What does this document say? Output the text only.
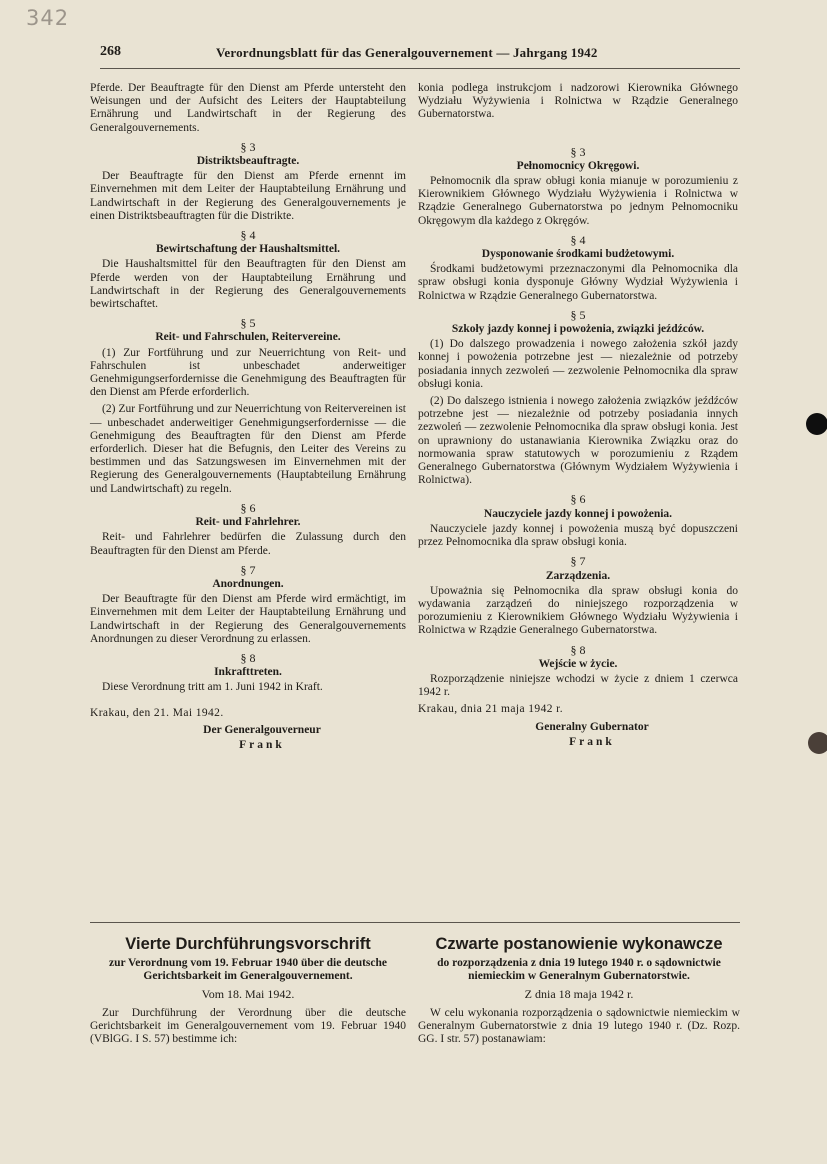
342
268	Verordnungsblatt für das Generalgouvernement — Jahrgang 1942

Pferde. Der Beauftragte für den Dienst am Pferde untersteht den Weisungen und der Aufsicht des Leiters der Hauptabteilung Ernährung und Landwirtschaft in der Regierung des Generalgouvernements.

§ 3
Distriktsbeauftragte.

Der Beauftragte für den Dienst am Pferde ernennt im Einvernehmen mit dem Leiter der Hauptabteilung Ernährung und Landwirtschaft in der Regierung des Generalgouvernements je einen Distriktsbeauftragten für die Distrikte.

§ 4
Bewirtschaftung der Haushaltsmittel.

Die Haushaltsmittel für den Beauftragten für den Dienst am Pferde werden von der Hauptabteilung Ernährung und Landwirtschaft in der Regierung des Generalgouvernements bewirtschaftet.

§ 5
Reit- und Fahrschulen, Reitervereine.

(1) Zur Fortführung und zur Neuerrichtung von Reit- und Fahrschulen ist unbeschadet anderweitiger Genehmigungserfordernisse die Genehmigung des Beauftragten für den Dienst am Pferde erforderlich.

(2) Zur Fortführung und zur Neuerrichtung von Reitervereinen ist — unbeschadet anderweitiger Genehmigungserfordernisse — die Genehmigung des Beauftragten für den Dienst am Pferde erforderlich. Dieser hat die Befugnis, den Leiter des Vereins zu bestimmen und das Satzungswesen im Einvernehmen mit der Regierung des Generalgouvernements (Hauptabteilung Ernährung und Landwirtschaft) zu regeln.

§ 6
Reit- und Fahrlehrer.

Reit- und Fahrlehrer bedürfen die Zulassung durch den Beauftragten für den Dienst am Pferde.

§ 7
Anordnungen.

Der Beauftragte für den Dienst am Pferde wird ermächtigt, im Einvernehmen mit dem Leiter der Hauptabteilung Ernährung und Landwirtschaft in der Regierung des Generalgouvernements Anordnungen zu dieser Verordnung zu erlassen.

§ 8
Inkrafttreten.

Diese Verordnung tritt am 1. Juni 1942 in Kraft.

Krakau, den 21. Mai 1942.
Der Generalgouverneur
Frank

konia podlega instrukcjom i nadzorowi Kierownika Głównego Wydziału Wyżywienia i Rolnictwa w Rządzie Generalnego Gubernatorstwa.

§ 3
Pełnomocnicy Okręgowi.

Pełnomocnik dla spraw obługi konia mianuje w porozumieniu z Kierownikiem Głównego Wydziału Wyżywienia i Rolnictwa w Rządzie Generalnego Gubernatorstwa po jednym Pełnomocniku Okręgowym dla każdego z Okręgów.

§ 4
Dysponowanie środkami budżetowymi.

Środkami budżetowymi przeznaczonymi dla Pełnomocnika dla spraw obsługi konia dysponuje Główny Wydział Wyżywienia i Rolnictwa w Rządzie Generalnego Gubernatorstwa.

§ 5
Szkoły jazdy konnej i powożenia, związki jeźdźców.

(1) Do dalszego prowadzenia i nowego założenia szkół jazdy konnej i powożenia potrzebne jest — niezależnie od potrzeby posiadania innych zezwoleń — zezwolenie Pełnomocnika dla spraw obsługi konia.

(2) Do dalszego istnienia i nowego założenia związków jeźdźców potrzebne jest — niezależnie od potrzeby posiadania innych zezwoleń — zezwolenie Pełnomocnika dla spraw obsługi konia. Jest on uprawniony do ustanawiania Kierownika Związku oraz do normowania spraw statutowych w porozumieniu z Rządem Generalnego Gubernatorstwa (Głównym Wydziałem Wyżywienia i Rolnictwa).

§ 6
Nauczyciele jazdy konnej i powożenia.

Nauczyciele jazdy konnej i powożenia muszą być dopuszczeni przez Pełnomocnika dla spraw obsługi konia.

§ 7
Zarządzenia.

Upoważnia się Pełnomocnika dla spraw obsługi konia do wydawania zarządzeń do niniejszego rozporządzenia w porozumieniu z Kierownikiem Głównego Wydziału Wyżywienia i Rolnictwa w Rządzie Generalnego Gubernatorstwa.

§ 8
Wejście w życie.

Rozporządzenie niniejsze wchodzi w życie z dniem 1 czerwca 1942 r.

Krakau, dnia 21 maja 1942 r.
Generalny Gubernator
Frank
Vierte Durchführungsvorschrift
zur Verordnung vom 19. Februar 1940 über die deutsche Gerichtsbarkeit im Generalgouvernement.
Vom 18. Mai 1942.

Zur Durchführung der Verordnung über die deutsche Gerichtsbarkeit im Generalgouvernement vom 19. Februar 1940 (VBlGG. I S. 57) bestimme ich:

Czwarte postanowienie wykonawcze
do rozporządzenia z dnia 19 lutego 1940 r. o sądownictwie niemieckim w Generalnym Gubernatorstwie.
Z dnia 18 maja 1942 r.

W celu wykonania rozporządzenia o sądownictwie niemieckim w Generalnym Gubernatorstwie z dnia 19 lutego 1940 r. (Dz. Rozp. GG. I str. 57) postanawiam:
